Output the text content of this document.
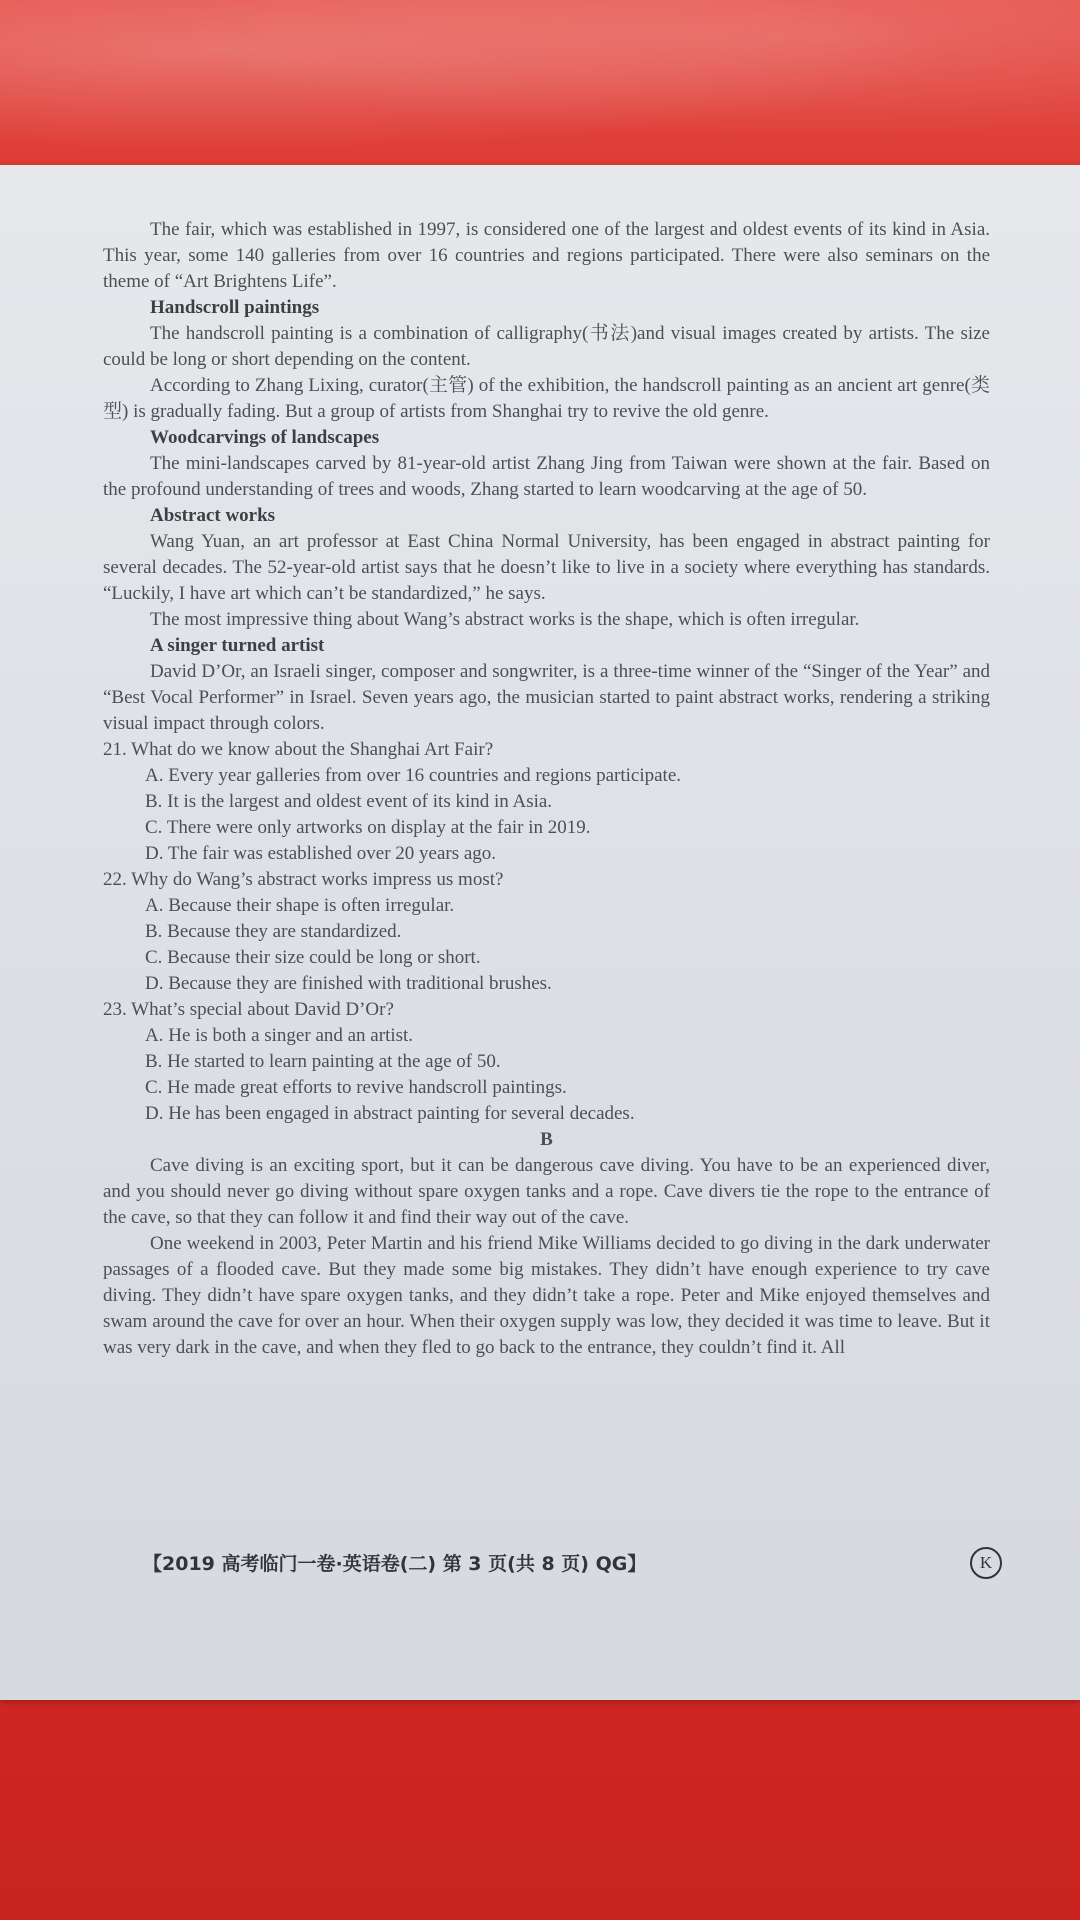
The fair, which was established in 1997, is considered one of the largest and oldest events of its kind in Asia. This year, some 140 galleries from over 16 countries and regions participated. There were also seminars on the theme of “Art Brightens Life”.

Handscroll paintings

The handscroll painting is a combination of calligraphy(书法)and visual images created by artists. The size could be long or short depending on the content.

According to Zhang Lixing, curator(主管) of the exhibition, the handscroll painting as an ancient art genre(类型) is gradually fading. But a group of artists from Shanghai try to revive the old genre.

Woodcarvings of landscapes

The mini-landscapes carved by 81-year-old artist Zhang Jing from Taiwan were shown at the fair. Based on the profound understanding of trees and woods, Zhang started to learn woodcarving at the age of 50.

Abstract works

Wang Yuan, an art professor at East China Normal University, has been engaged in abstract painting for several decades. The 52-year-old artist says that he doesn’t like to live in a society where everything has standards. “Luckily, I have art which can’t be standardized,” he says.

The most impressive thing about Wang’s abstract works is the shape, which is often irregular.

A singer turned artist

David D’Or, an Israeli singer, composer and songwriter, is a three-time winner of the “Singer of the Year” and “Best Vocal Performer” in Israel. Seven years ago, the musician started to paint abstract works, rendering a striking visual impact through colors.

21. What do we know about the Shanghai Art Fair?

A. Every year galleries from over 16 countries and regions participate.

B. It is the largest and oldest event of its kind in Asia.

C. There were only artworks on display at the fair in 2019.

D. The fair was established over 20 years ago.

22. Why do Wang’s abstract works impress us most?

A. Because their shape is often irregular.

B. Because they are standardized.

C. Because their size could be long or short.

D. Because they are finished with traditional brushes.

23. What’s special about David D’Or?

A. He is both a singer and an artist.

B. He started to learn painting at the age of 50.

C. He made great efforts to revive handscroll paintings.

D. He has been engaged in abstract painting for several decades.

B

Cave diving is an exciting sport, but it can be dangerous cave diving. You have to be an experienced diver, and you should never go diving without spare oxygen tanks and a rope. Cave divers tie the rope to the entrance of the cave, so that they can follow it and find their way out of the cave.

One weekend in 2003, Peter Martin and his friend Mike Williams decided to go diving in the dark underwater passages of a flooded cave. But they made some big mistakes. They didn’t have enough experience to try cave diving. They didn’t have spare oxygen tanks, and they didn’t take a rope. Peter and Mike enjoyed themselves and swam around the cave for over an hour. When their oxygen supply was low, they decided it was time to leave. But it was very dark in the cave, and when they fled to go back to the entrance, they couldn’t find it. All

【2019 高考临门一卷·英语卷(二) 第 3 页(共 8 页) QG】	K
